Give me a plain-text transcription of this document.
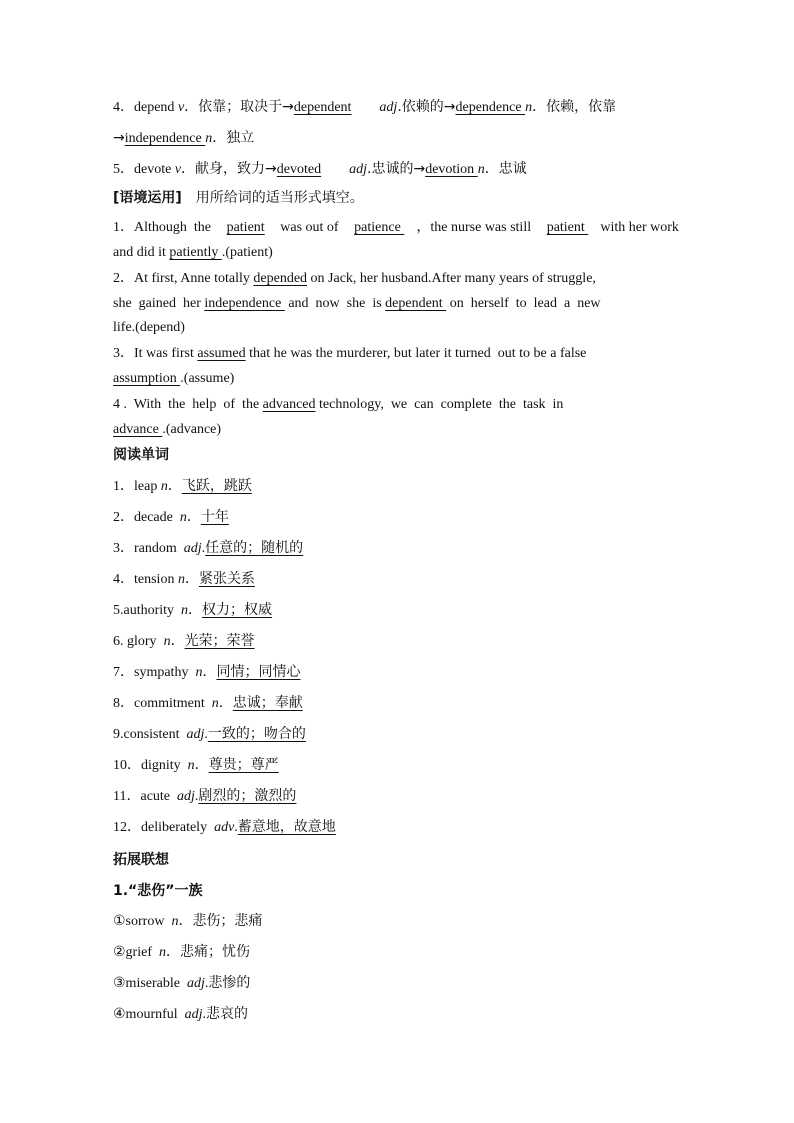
4．depend v．依靠；取决于→dependent adj.依赖的→dependence n．依赖，依靠
→independence n．独立
5．devote v．献身，致力→devoted adj.忠诚的→devotion n．忠诚
[语境运用] 用所给词的适当形式填空。
1．Although  the patient was out of patience ，the nurse was still patient with her work
and did it patiently .(patient)
2．At first, Anne totally depended on Jack, her husband.After many years of struggle,
she  gained  her independence  and  now  she  is dependent  on  herself  to  lead  a  new
life.(depend)
3．It was first assumed that he was the murderer, but later it turned  out to be a false
assumption .(assume)
4 .  With  the  help  of  the advanced technology,  we  can  complete  the  task  in
advance .(advance)
阅读单词
1．leap n．飞跃，跳跃
2．decade  n．十年
3．random  adj.任意的；随机的
4．tension n．紧张关系
5.authority  n．权力；权威
6. glory  n．光荣；荣誉
7．sympathy  n．同情；同情心
8．commitment  n．忠诚；奉献
9.consistent  adj.一致的；吻合的
10．dignity  n．尊贵；尊严
11．acute  adj.剧烈的；激烈的
12．deliberately  adv.蓄意地，故意地
拓展联想
1.“悲伤”一族
①sorrow  n．悲伤；悲痛
②grief  n．悲痛；忧伤
③miserable  adj.悲惨的
④mournful  adj.悲哀的
